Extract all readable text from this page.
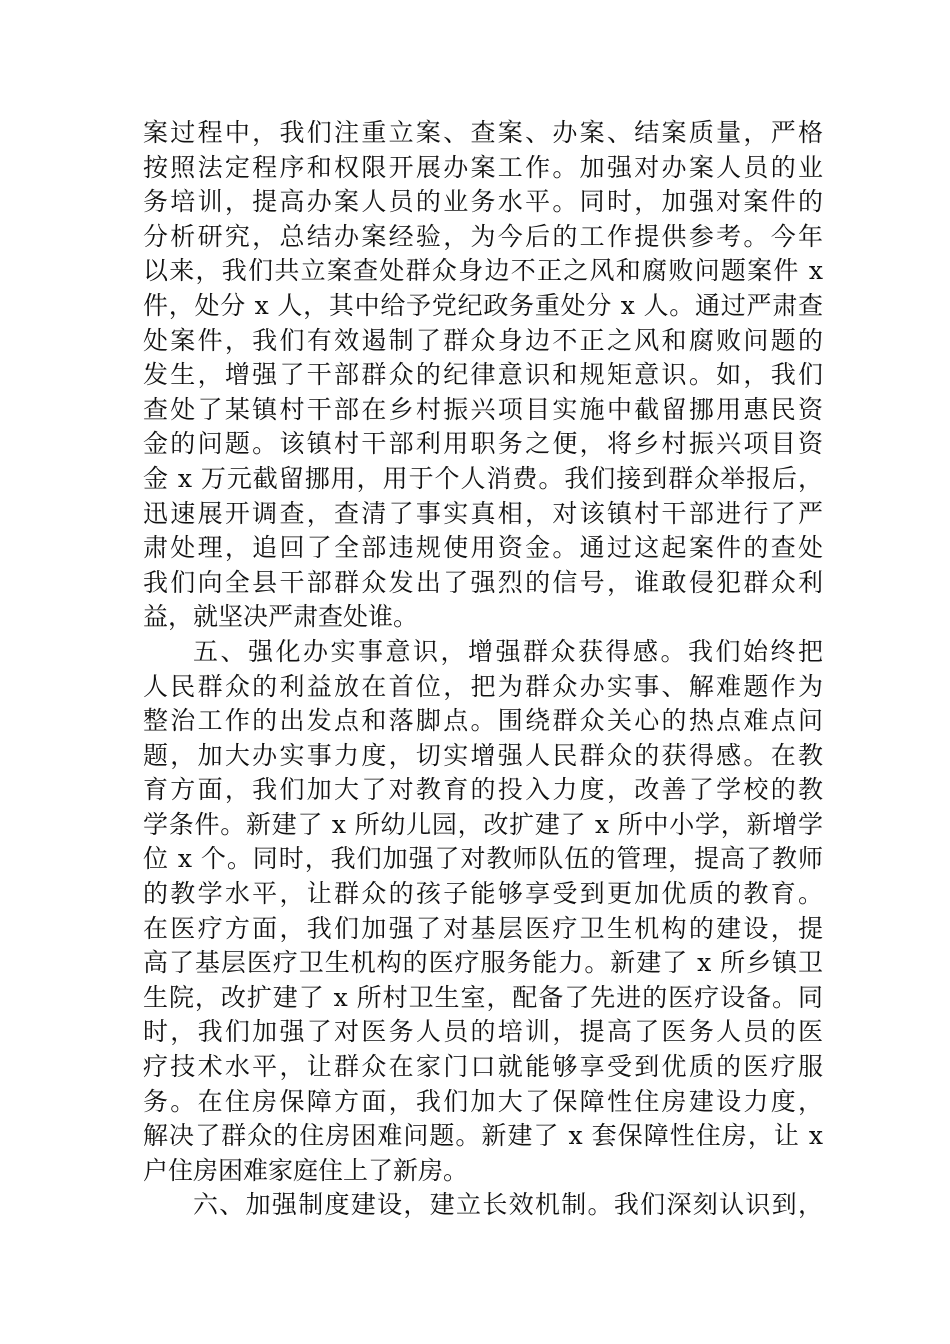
案过程中，我们注重立案、查案、办案、结案质量，严格
按照法定程序和权限开展办案工作。加强对办案人员的业
务培训，提高办案人员的业务水平。同时，加强对案件的
分析研究，总结办案经验，为今后的工作提供参考。今年
以来，我们共立案查处群众身边不正之风和腐败问题案件 x
件，处分 x 人，其中给予党纪政务重处分 x 人。通过严肃查
处案件，我们有效遏制了群众身边不正之风和腐败问题的
发生，增强了干部群众的纪律意识和规矩意识。如，我们
查处了某镇村干部在乡村振兴项目实施中截留挪用惠民资
金的问题。该镇村干部利用职务之便，将乡村振兴项目资
金 x 万元截留挪用，用于个人消费。我们接到群众举报后，
迅速展开调查，查清了事实真相，对该镇村干部进行了严
肃处理，追回了全部违规使用资金。通过这起案件的查处
我们向全县干部群众发出了强烈的信号，谁敢侵犯群众利
益，就坚决严肃查处谁。
五、强化办实事意识，增强群众获得感。我们始终把
人民群众的利益放在首位，把为群众办实事、解难题作为
整治工作的出发点和落脚点。围绕群众关心的热点难点问
题，加大办实事力度，切实增强人民群众的获得感。在教
育方面，我们加大了对教育的投入力度，改善了学校的教
学条件。新建了 x 所幼儿园，改扩建了 x 所中小学，新增学
位 x 个。同时，我们加强了对教师队伍的管理，提高了教师
的教学水平，让群众的孩子能够享受到更加优质的教育。
在医疗方面，我们加强了对基层医疗卫生机构的建设，提
高了基层医疗卫生机构的医疗服务能力。新建了 x 所乡镇卫
生院，改扩建了 x 所村卫生室，配备了先进的医疗设备。同
时，我们加强了对医务人员的培训，提高了医务人员的医
疗技术水平，让群众在家门口就能够享受到优质的医疗服
务。在住房保障方面，我们加大了保障性住房建设力度，
解决了群众的住房困难问题。新建了 x 套保障性住房，让 x
户住房困难家庭住上了新房。
六、加强制度建设，建立长效机制。我们深刻认识到，
